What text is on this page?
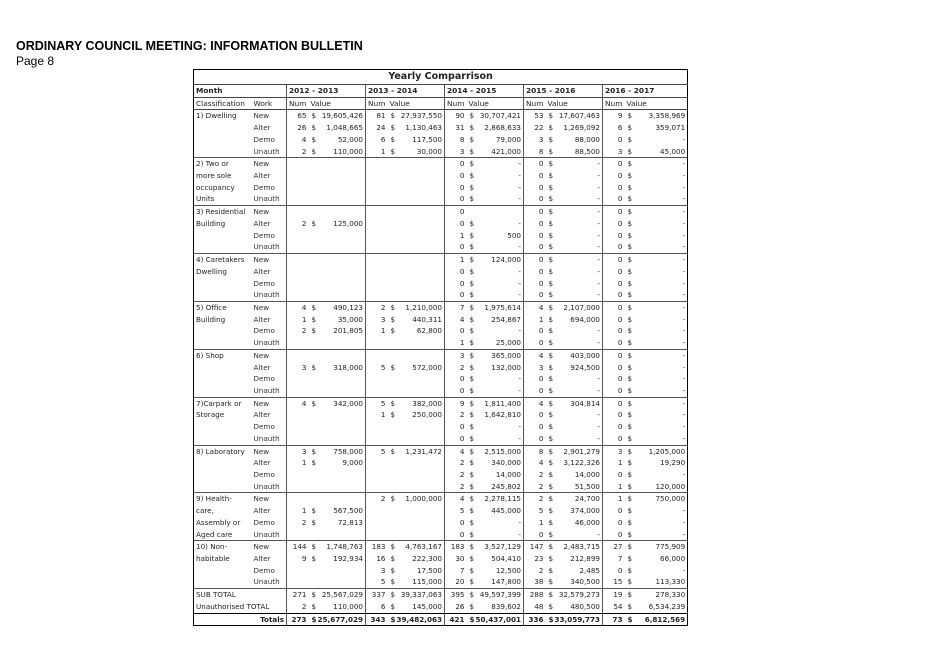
ORDINARY COUNCIL MEETING: INFORMATION BULLETIN
Page 8
Yearly Comparrison											
Month		2012 - 2013		2013 - 2014		2014 - 2015		2015 - 2016		2016 - 2017	
Classification	Work	Num	Value	Num	Value	Num	Value	Num	Value	Num	Value
1) Dwelling	New	65	$ 19,605,426	81	$ 27,937,550	90	$ 30,707,421	53	$ 17,607,463	9	$ 3,358,969

	Alter	26	$ 1,048,665	24	$ 1,130,463	31	$ 2,868,633	22	$ 1,269,092	6	$ 359,071

	Demo	4	$ 52,000	6	$ 117,500	8	$ 79,000	3	$ 88,000	0	$ -

	Unauth	2	$ 110,000	1	$ 30,000	3	$ 421,000	8	$ 88,500	3	$ 45,000

2) Two or	New					0	$ -	0	$ -	0	$ -

more sole	Alter					0	$ -	0	$ -	0	$ -

occupancy	Demo					0	$ -	0	$ -	0	$ -

Units	Unauth					0	$ -	0	$ -	0	$ -

3) Residential	New					0		0	$ -	0	$ -

Building	Alter	2	$ 125,000			0	$ -	0	$ -	0	$ -

	Demo					1	$ 500	0	$ -	0	$ -

	Unauth					0	$ -	0	$ -	0	$ -

4) Caretakers	New					1	$ 124,000	0	$ -	0	$ -

Dwelling	Alter					0	$ -	0	$ -	0	$ -

	Demo					0	$ -	0	$ -	0	$ -

	Unauth					0	$ -	0	$ -	0	$ -

5) Office	New	4	$ 490,123	2	$ 1,210,000	7	$ 1,975,614	4	$ 2,107,000	0	$ -

Building	Alter	1	$ 35,000	3	$ 440,311	4	$ 254,867	1	$ 694,000	0	$ -

	Demo	2	$ 201,805	1	$ 62,800	0	$ -	0	$ -	0	$ -

	Unauth					1	$ 25,000	0	$ -	0	$ -

6) Shop	New					3	$ 365,000	4	$ 403,000	0	$ -

	Alter	3	$ 318,000	5	$ 572,000	2	$ 132,000	3	$ 924,500	0	$ -

	Demo					0	$ -	0	$ -	0	$ -

	Unauth					0	$ -	0	$ -	0	$ -

7)Carpark or	New	4	$ 342,000	5	$ 382,000	9	$ 1,811,400	4	$ 304,814	0	$ -

Storage	Alter			1	$ 250,000	2	$ 1,642,810	0	$ -	0	$ -

	Demo					0	$ -	0	$ -	0	$ -

	Unauth					0	$ -	0	$ -	0	$ -

8) Laboratory	New	3	$ 758,000	5	$ 1,231,472	4	$ 2,515,000	8	$ 2,901,279	3	$ 1,205,000

	Alter	1	$ 9,000			2	$ 340,000	4	$ 3,122,326	1	$ 19,290

	Demo					2	$ 14,000	2	$ 14,000	0	$ -

	Unauth					2	$ 245,802	2	$ 51,500	1	$ 120,000

9) Health-	New			2	$ 1,000,000	4	$ 2,278,115	2	$ 24,700	1	$ 750,000

care,	Alter	1	$ 567,500			5	$ 445,000	5	$ 374,000	0	$ -

Assembly or	Demo	2	$ 72,813			0	$ -	1	$ 46,000	0	$ -

Aged care	Unauth					0	$ -	0	$ -	0	$ -

10) Non-	New	144	$ 1,748,763	183	$ 4,763,167	183	$ 3,527,129	147	$ 2,483,715	27	$ 775,909

habitable	Alter	9	$ 192,934	16	$ 222,300	30	$ 504,410	23	$ 212,899	7	$ 66,000

	Demo			3	$ 17,500	7	$ 12,500	2	$ 2,485	0	$ -

	Unauth			5	$ 115,000	20	$ 147,800	38	$ 340,500	15	$ 113,330

SUB TOTAL		271	$ 25,567,029	337	$ 39,337,063	395	$ 49,597,399	288	$ 32,579,273	19	$ 278,330

Unauthorised TOTAL		2	$ 110,000	6	$ 145,000	26	$ 839,602	48	$ 480,500	54	$ 6,534,239

Totals		273	$ 25,677,029	343	$ 39,482,063	421	$ 50,437,001	336	$ 33,059,773	73	$ 6,812,569
